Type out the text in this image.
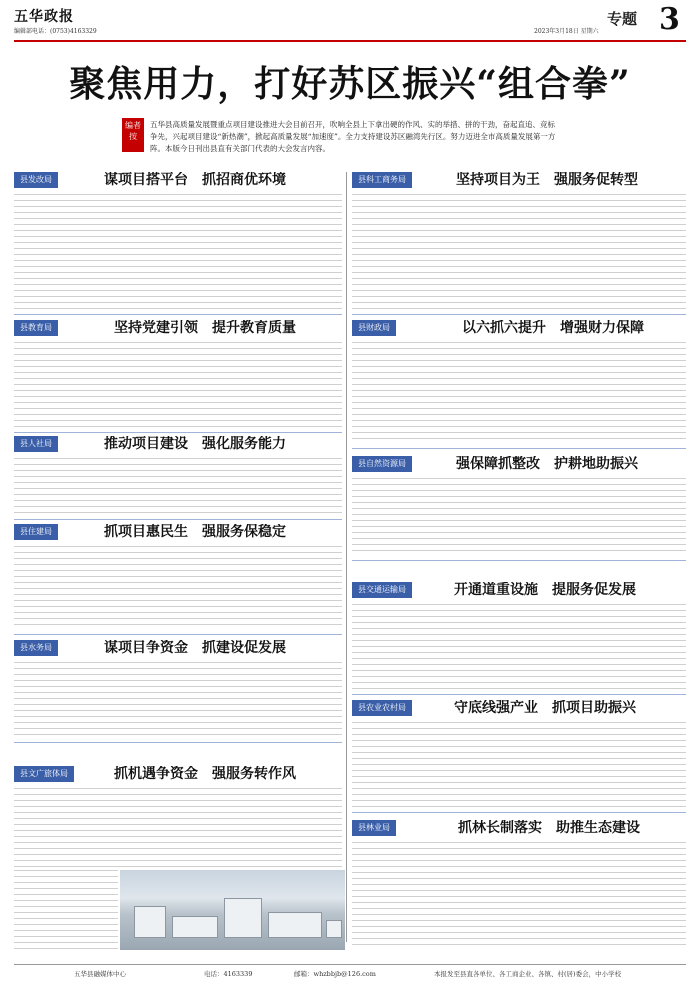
五华政报
编辑部电话：(0753)4163329	2023年3月18日 星期六
专题 3
聚焦用力，打好苏区振兴“组合拳”
编者按
五华县高质量发展暨重点项目建设推进大会目前召开，吹响全县上下拿出硬的作风、实的举措、拼的干劲，奋起直追、竞标争先，兴起项目建设“新热潮”，掀起高质量发展“加速度”。全力支持建设苏区融湾先行区。努力迈进全市高质量发展第一方阵。本版今日刊出县直有关部门代表的大会发言内容。
县发改局	谋项目搭平台　抓招商优环境
县教育局	坚持党建引领　提升教育质量
县人社局	推动项目建设　强化服务能力
县住建局	抓项目惠民生　强服务保稳定
县水务局	谋项目争资金　抓建设促发展
县文广旅体局	抓机遇争资金　强服务转作风
县科工商务局	坚持项目为王　强服务促转型
县财政局	以六抓六提升　增强财力保障
县自然资源局	强保障抓整改　护耕地助振兴
县交通运输局	开通道重设施　提服务促发展
县农业农村局	守底线强产业　抓项目助振兴
县林业局	抓林长制落实　助推生态建设
五华县融媒体中心	电话：4163339	邮箱：whzbbjb@126.com	本报发至县直各单位、各工商企业、各镇、村(居)委会，中小学校
